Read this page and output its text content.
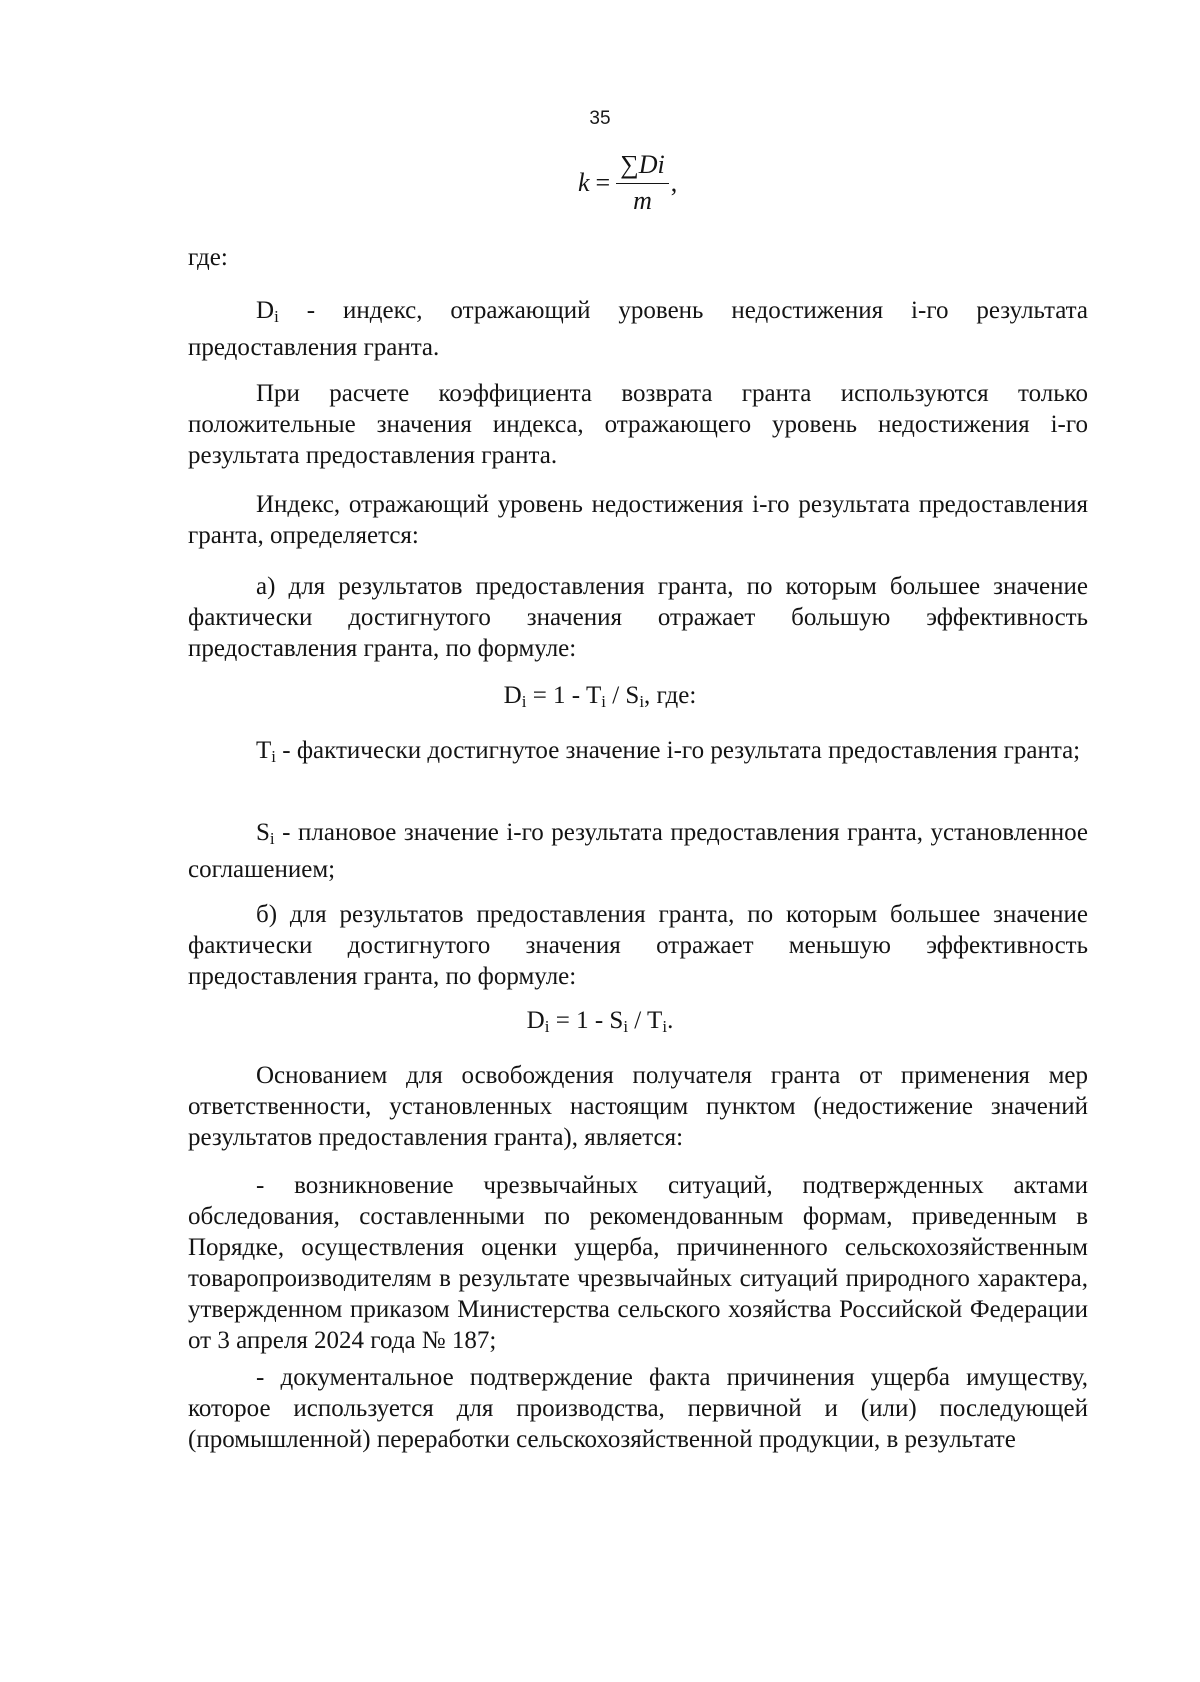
35
$k = \frac{\sum Di}{m}$ ,
где:
$D_i$ - индекс, отражающий уровень недостижения i-го результата предоставления гранта.
При расчете коэффициента возврата гранта используются только положительные значения индекса, отражающего уровень недостижения i-го результата предоставления гранта.
Индекс, отражающий уровень недостижения i-го результата предоставления гранта, определяется:
а) для результатов предоставления гранта, по которым большее значение фактически достигнутого значения отражает большую эффективность предоставления гранта, по формуле:
$D_i = 1 - T_i / S_i$, где:
$T_i$ - фактически достигнутое значение i-го результата предоставления гранта;
$S_i$ - плановое значение i-го результата предоставления гранта, установленное соглашением;
б) для результатов предоставления гранта, по которым большее значение фактически достигнутого значения отражает меньшую эффективность предоставления гранта, по формуле:
$D_i = 1 - S_i / T_i$.
Основанием для освобождения получателя гранта от применения мер ответственности, установленных настоящим пунктом (недостижение значений результатов предоставления гранта), является:
- возникновение чрезвычайных ситуаций, подтвержденных актами обследования, составленными по рекомендованным формам, приведенным в Порядке, осуществления оценки ущерба, причиненного сельскохозяйственным товаропроизводителям в результате чрезвычайных ситуаций природного характера, утвержденном приказом Министерства сельского хозяйства Российской Федерации от 3 апреля 2024 года № 187;
- документальное подтверждение факта причинения ущерба имуществу, которое используется для производства, первичной и (или) последующей (промышленной) переработки сельскохозяйственной продукции, в результате
